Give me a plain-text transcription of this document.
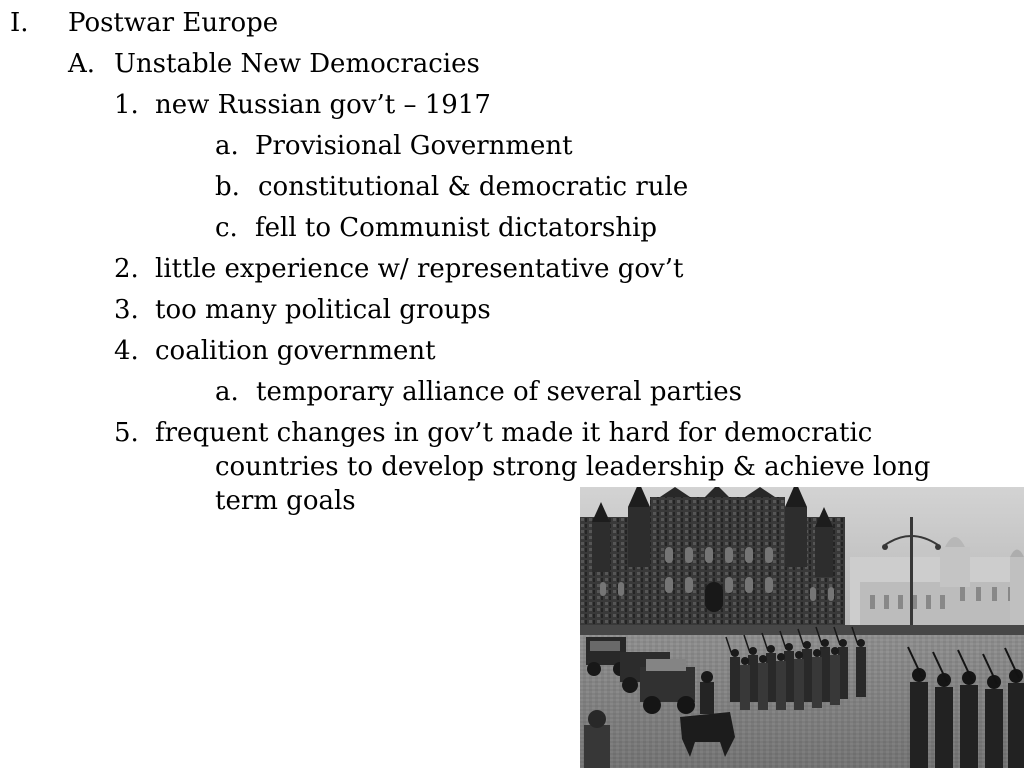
I. Postwar Europe
A. Unstable New Democracies
1. new Russian gov’t – 1917
a. Provisional Government
b. constitutional & democratic rule
c. fell to Communist dictatorship
2. little experience w/ representative gov’t
3. too many political groups
4. coalition government
a. temporary alliance of several parties
5. frequent changes in gov’t made it hard for democratic
countries to develop strong leadership & achieve long
term goals
